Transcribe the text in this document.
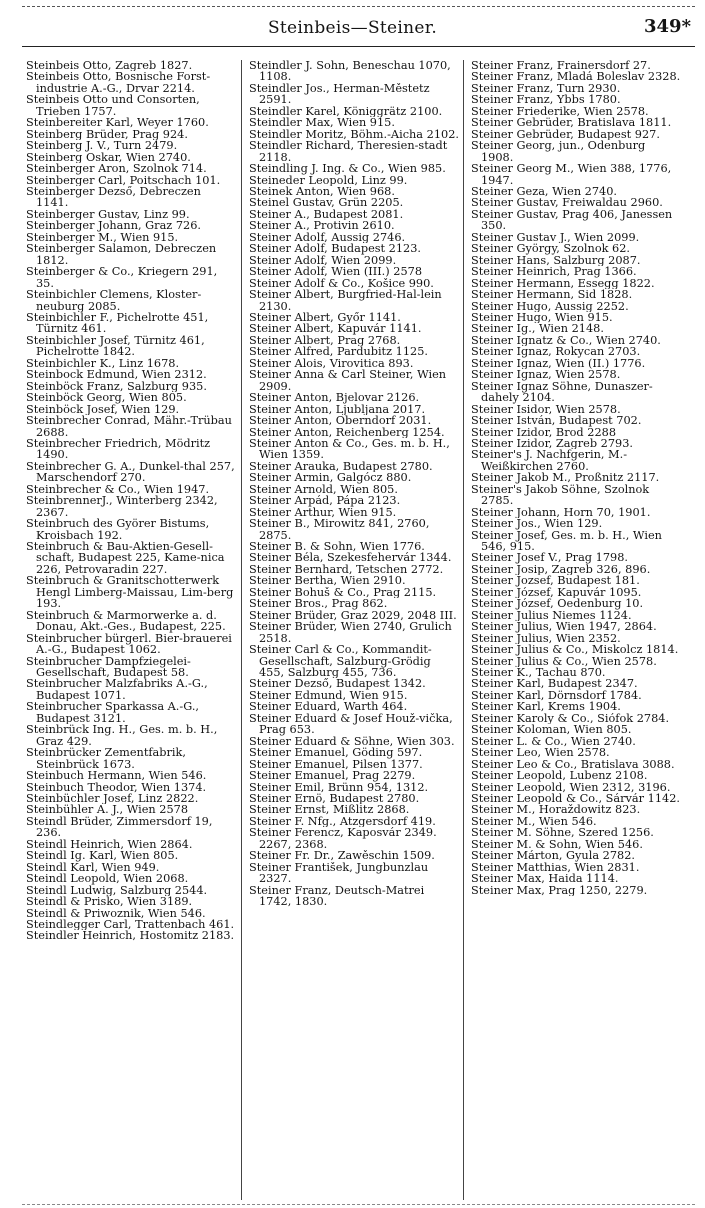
Steinbeis—Steiner.	349*
Steinbeis Otto, Zagreb 1827.
Steinbeis Otto, Bosnische Forst-industrie A.-G., Drvar 2214.
Steinbeis Otto und Consorten, Trieben 1757.
Steinbereiter Karl, Weyer 1760.
Steinberg Brüder, Prag 924.
Steinberg J. V., Turn 2479.
Steinberg Oskar, Wien 2740.
Steinberger Aron, Szolnok 714.
Steinberger Carl, Poitschach 101.
Steinberger Dezső, Debreczen 1141.
Steinberger Gustav, Linz 99.
Steinberger Johann, Graz 726.
Steinberger M., Wien 915.
Steinberger Salamon, Debreczen 1812.
Steinberger & Co., Kriegern 291, 35.
Steinbichler Clemens, Kloster-neuburg 2085.
Steinbichler F., Pichelrotte 451, Türnitz 461.
Steinbichler Josef, Türnitz 461, Pichelrotte 1842.
Steinbichler K., Linz 1678.
Steinbock Edmund, Wien 2312.
Steinböck Franz, Salzburg 935.
Steinböck Georg, Wien 805.
Steinböck Josef, Wien 129.
Steinbrecher Conrad, Mähr.-Trübau 2688.
Steinbrecher Friedrich, Mödritz 1490.
Steinbrecher G. A., Dunkel-thal 257, Marschendorf 270.
Steinbrecher & Co., Wien 1947.
SteinbrennerJ., Winterberg 2342, 2367.
Steinbruch des Györer Bistums, Kroisbach 192.
Steinbruch & Bau-Aktien-Gesell-schaft, Budapest 225, Kame-nica 226, Petrovaradin 227.
Steinbruch & Granitschotterwerk Hengl Limberg-Maissau, Lim-berg 193.
Steinbruch & Marmorwerke a. d. Donau, Akt.-Ges., Budapest, 225.
Steinbrucher bürgerl. Bier-brauerei A.-G., Budapest 1062.
Steinbrucher Dampfziegelei-Gesellschaft, Budapest 58.
Steinbrucher Malzfabriks A.-G., Budapest 1071.
Steinbrucher Sparkassa A.-G., Budapest 3121.
Steinbrück Ing. H., Ges. m. b. H., Graz 429.
Steinbrücker Zementfabrik, Steinbrück 1673.
Steinbuch Hermann, Wien 546.
Steinbuch Theodor, Wien 1374.
Steinbüchler Josef, Linz 2822.
Steinbühler A. J., Wien 2578
Steindl Brüder, Zimmersdorf 19, 236.
Steindl Heinrich, Wien 2864.
Steindl Ig. Karl, Wien 805.
Steindl Karl, Wien 949.
Steindl Leopold, Wien 2068.
Steindl Ludwig, Salzburg 2544.
Steindl & Prisko, Wien 3189.
Steindl & Priwoznik, Wien 546.
Steindlegger Carl, Trattenbach 461.
Steindler Heinrich, Hostomitz 2183.
Steindler J. Sohn, Beneschau 1070, 1108.
Steindler Jos., Herman-Městetz 2591.
Steindler Karel, Königgrätz 2100.
Steindler Max, Wien 915.
Steindler Moritz, Böhm.-Aicha 2102.
Steindler Richard, Theresien-stadt 2118.
Steindling J. Ing. & Co., Wien 985.
Steineder Leopold, Linz 99.
Steinek Anton, Wien 968.
Steinel Gustav, Grün 2205.
Steiner A., Budapest 2081.
Steiner A., Protivin 2610.
Steiner Adolf, Aussig 2746.
Steiner Adolf, Budapest 2123.
Steiner Adolf, Wien 2099.
Steiner Adolf, Wien (III.) 2578
Steiner Adolf & Co., Košice 990.
Steiner Albert, Burgfried-Hal-lein 2130.
Steiner Albert, Győr 1141.
Steiner Albert, Kapuvár 1141.
Steiner Albert, Prag 2768.
Steiner Alfred, Pardubitz 1125.
Steiner Alois, Virovitica 893.
Steiner Anna & Carl Steiner, Wien 2909.
Steiner Anton, Bjelovar 2126.
Steiner Anton, Ljubljana 2017.
Steiner Anton, Oberndorf 2031.
Steiner Anton, Reichenberg 1254.
Steiner Anton & Co., Ges. m. b. H., Wien 1359.
Steiner Arauka, Budapest 2780.
Steiner Armin, Galgócz 880.
Steiner Arnold, Wien 805.
Steiner Árpád, Pápa 2123.
Steiner Arthur, Wien 915.
Steiner B., Mirowitz 841, 2760, 2875.
Steiner B. & Sohn, Wien 1776.
Steiner Béla, Szekesfehervár 1344.
Steiner Bernhard, Tetschen 2772.
Steiner Bertha, Wien 2910.
Steiner Bohuš & Co., Prag 2115.
Steiner Bros., Prag 862.
Steiner Brüder, Graz 2029, 2048 III.
Steiner Brüder, Wien 2740, Grulich 2518.
Steiner Carl & Co., Kommandit-Gesellschaft, Salzburg-Grödig 455, Salzburg 455, 736.
Steiner Dezső, Budapest 1342.
Steiner Edmund, Wien 915.
Steiner Eduard, Warth 464.
Steiner Eduard & Josef Houž-vička, Prag 653.
Steiner Eduard & Söhne, Wien 303.
Steiner Emanuel, Göding 597.
Steiner Emanuel, Pilsen 1377.
Steiner Emanuel, Prag 2279.
Steiner Emil, Brünn 954, 1312.
Steiner Ernö, Budapest 2780.
Steiner Ernst, Mißlitz 2868.
Steiner F. Nfg., Atzgersdorf 419.
Steiner Ferencz, Kaposvár 2349. 2267, 2368.
Steiner Fr. Dr., Zawěschin 1509.
Steiner František, Jungbunzlau 2327.
Steiner Franz, Deutsch-Matrei 1742, 1830.
Steiner Franz, Frainersdorf 27.
Steiner Franz, Mladá Boleslav 2328.
Steiner Franz, Turn 2930.
Steiner Franz, Ybbs 1780.
Steiner Friederike, Wien 2578.
Steiner Gebrüder, Bratislava 1811.
Steiner Gebrüder, Budapest 927.
Steiner Georg, jun., Ödenburg 1908.
Steiner Georg M., Wien 388, 1776, 1947.
Steiner Geza, Wien 2740.
Steiner Gustav, Freiwaldau 2960.
Steiner Gustav, Prag 406, Janessen 350.
Steiner Gustav J., Wien 2099.
Steiner György, Szolnok 62.
Steiner Hans, Salzburg 2087.
Steiner Heinrich, Prag 1366.
Steiner Hermann, Essegg 1822.
Steiner Hermann, Šid 1828.
Steiner Hugo, Aussig 2252.
Steiner Hugo, Wien 915.
Steiner Ig., Wien 2148.
Steiner Ignatz & Co., Wien 2740.
Steiner Ignaz, Rokycan 2703.
Steiner Ignaz, Wien (II.) 1776.
Steiner Ignaz, Wien 2578.
Steiner Ignaz Söhne, Dunaszer-dahely 2104.
Steiner Isidor, Wien 2578.
Steiner István, Budapest 702.
Steiner Izidor, Brod 2288
Steiner Izidor, Zagreb 2793.
Steiner's J. Nachfgerin, M.-Weißkirchen 2760.
Steiner Jakob M., Proßnitz 2117.
Steiner's Jakob Söhne, Szolnok 2785.
Steiner Johann, Horn 70, 1901.
Steiner Jos., Wien 129.
Steiner Josef, Ges. m. b. H., Wien 546, 915.
Steiner Josef V., Prag 1798.
Steiner Josip, Zagreb 326, 896.
Steiner Jozsef, Budapest 181.
Steiner József, Kapuvár 1095.
Steiner József, Oedenburg 10.
Steiner Julius Niemes 1124.
Steiner Julius, Wien 1947, 2864.
Steiner Julius, Wien 2352.
Steiner Julius & Co., Miskolcz 1814.
Steiner Julius & Co., Wien 2578.
Steiner K., Tachau 870.
Steiner Karl, Budapest 2347.
Steiner Karl, Dörnsdorf 1784.
Steiner Karl, Krems 1904.
Steiner Karoly & Co., Siófok 2784.
Steiner Koloman, Wien 805.
Steiner L. & Co., Wien 2740.
Steiner Leo, Wien 2578.
Steiner Leo & Co., Bratislava 3088.
Steiner Leopold, Lubenz 2108.
Steiner Leopold, Wien 2312, 3196.
Steiner Leopold & Co., Sárvár 1142.
Steiner M., Horaždowitz 823.
Steiner M., Wien 546.
Steiner M. Söhne, Szered 1256.
Steiner M. & Sohn, Wien 546.
Steiner Márton, Gyula 2782.
Steiner Matthias, Wien 2831.
Steiner Max, Haida 1114.
Steiner Max, Prag 1250, 2279.
